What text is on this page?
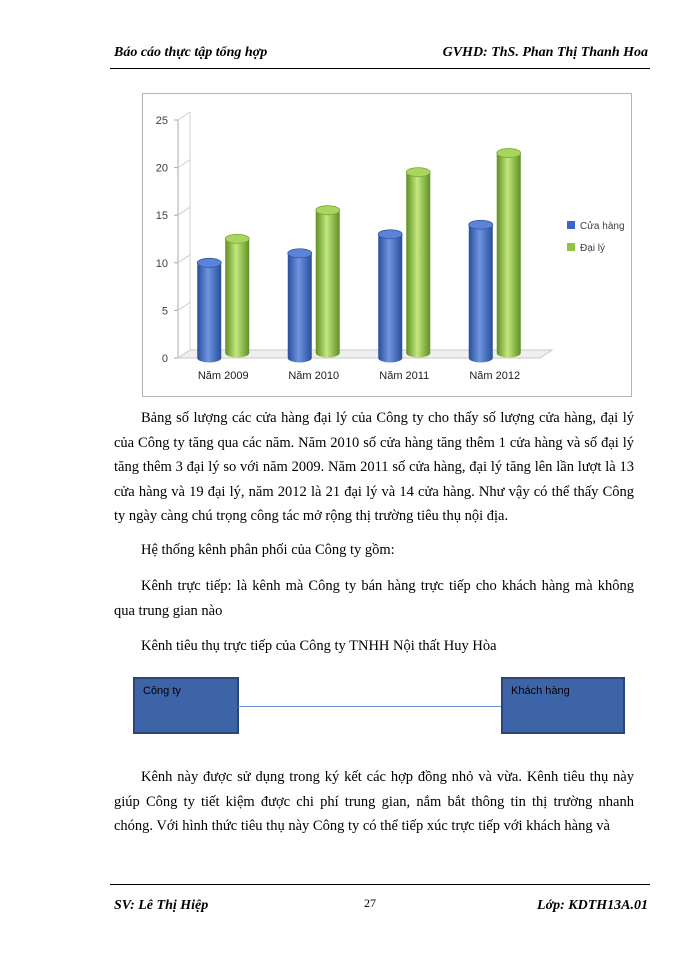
Báo cáo thực tập tổng hợp	GVHD: ThS. Phan Thị Thanh Hoa
0
5
10
15
20
25
Năm 2009	Năm 2010	Năm 2011	Năm 2012
Cửa hàng
Đại lý
Bảng số lượng các cửa hàng đại lý của Công ty cho thấy số lượng cửa hàng, đại lý của Công ty tăng qua các năm. Năm 2010 số cửa hàng tăng thêm 1 cửa hàng và số đại lý tăng thêm 3 đại lý so với năm 2009. Năm 2011 số cửa hàng, đại lý tăng lên lần lượt là 13 cửa hàng và 19 đại lý, năm 2012 là 21 đại lý và 14 cửa hàng. Như vậy có thể thấy Công ty ngày càng chú trọng công tác mở rộng thị trường tiêu thụ nội địa.
Hệ thống kênh phân phối của Công ty gồm:
Kênh trực tiếp: là kênh mà Công ty bán hàng trực tiếp cho khách hàng mà không qua trung gian nào
Kênh tiêu thụ trực tiếp của Công ty TNHH Nội thất Huy Hòa
Công ty	Khách hàng
Kênh này được sử dụng trong ký kết các hợp đồng nhỏ và vừa. Kênh tiêu thụ này giúp Công ty tiết kiệm được chi phí trung gian, nắm bắt thông tin thị trường nhanh chóng. Với hình thức tiêu thụ này Công ty có thể tiếp xúc trực tiếp với khách hàng và
SV: Lê Thị Hiệp	27	Lớp: KDTH13A.01
